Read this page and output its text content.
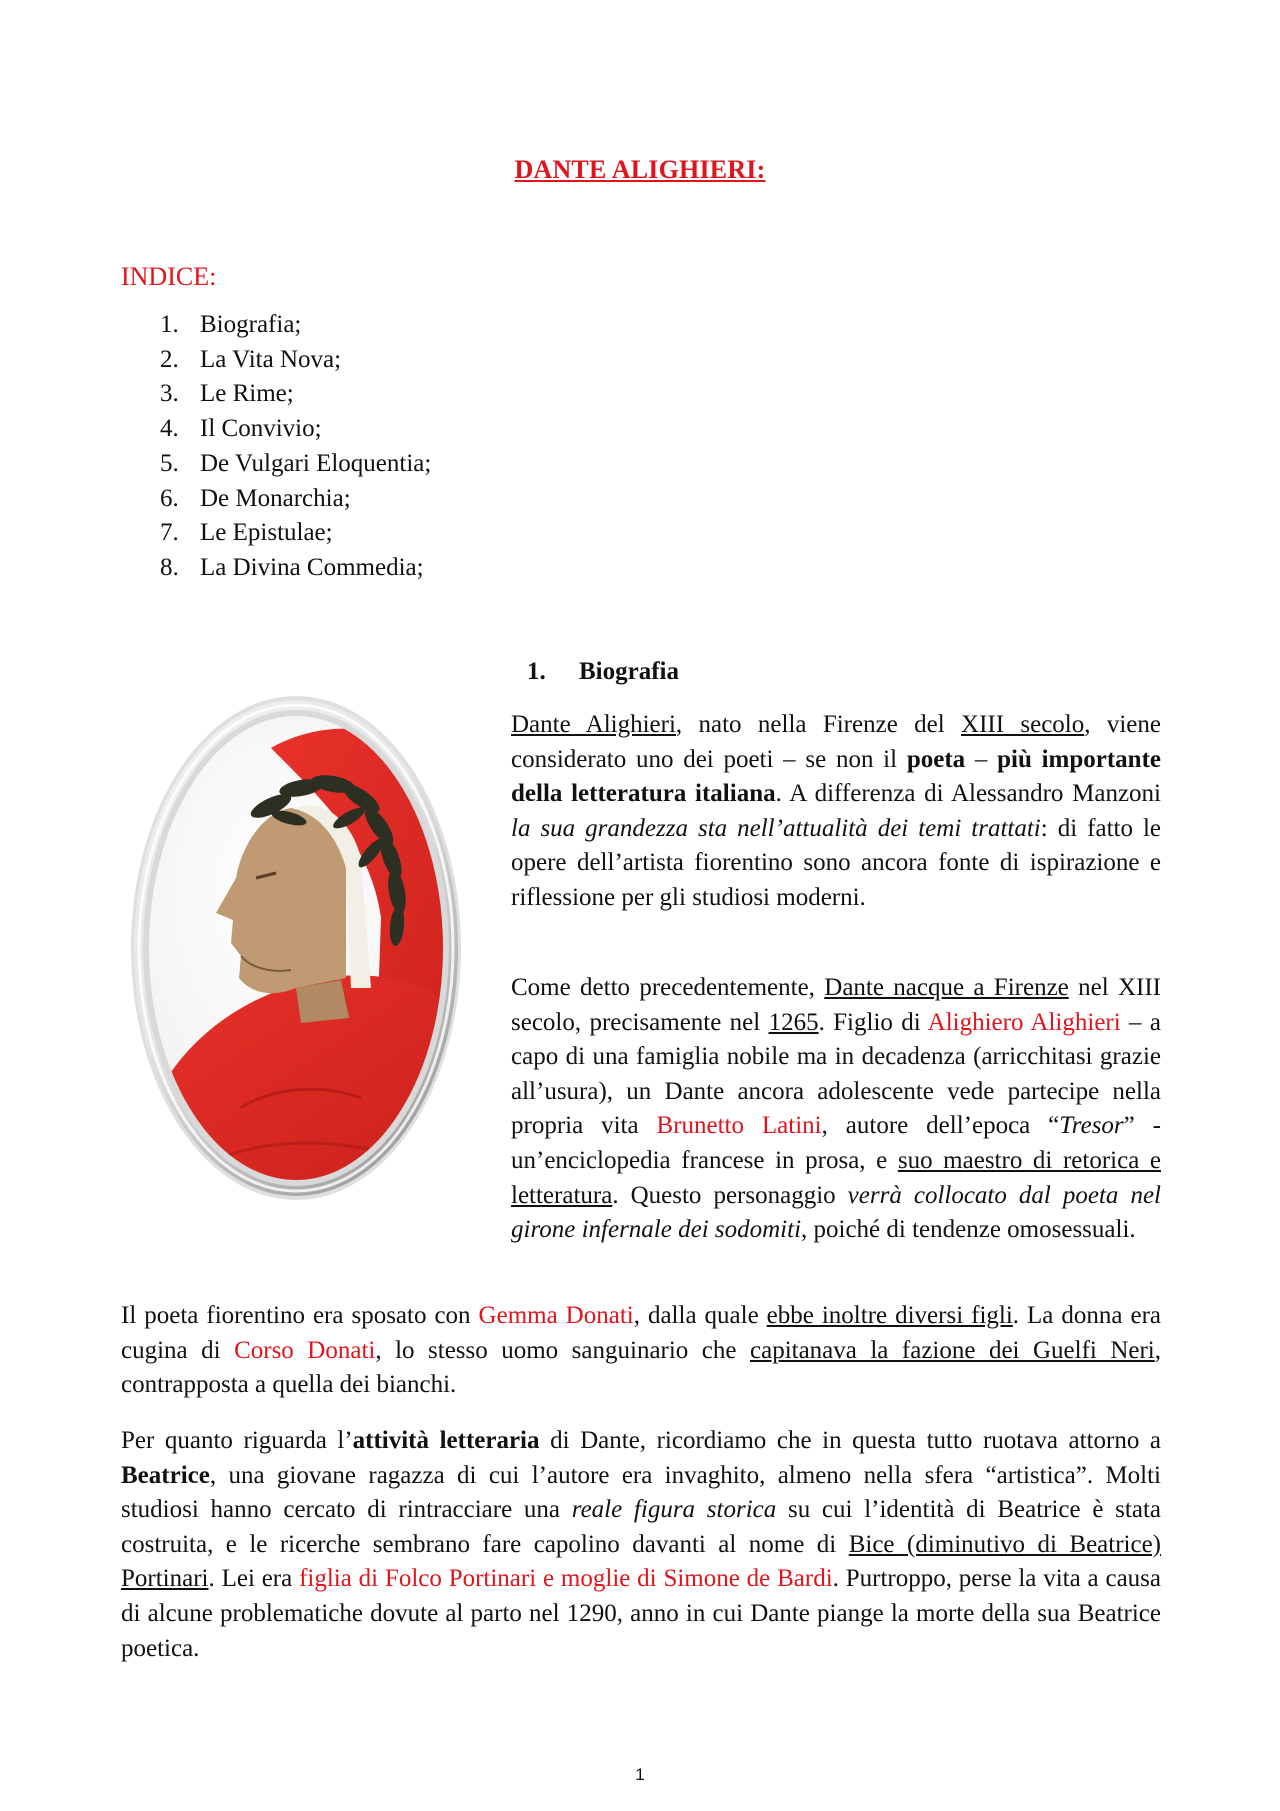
DANTE ALIGHIERI:
INDICE:
1. Biografia;
2. La Vita Nova;
3. Le Rime;
4. Il Convivio;
5. De Vulgari Eloquentia;
6. De Monarchia;
7. Le Epistulae;
8. La Divina Commedia;
1. Biografia

Dante Alighieri, nato nella Firenze del XIII secolo, viene considerato uno dei poeti – se non il poeta – più importante della letteratura italiana. A differenza di Alessandro Manzoni la sua grandezza sta nell’attualità dei temi trattati: di fatto le opere dell’artista fiorentino sono ancora fonte di ispirazione e riflessione per gli studiosi moderni.

Come detto precedentemente, Dante nacque a Firenze nel XIII secolo, precisamente nel 1265. Figlio di Alighiero Alighieri – a capo di una famiglia nobile ma in decadenza (arricchitasi grazie all’usura), un Dante ancora adolescente vede partecipe nella propria vita Brunetto Latini, autore dell’epoca “Tresor” - un’enciclopedia francese in prosa, e suo maestro di retorica e letteratura. Questo personaggio verrà collocato dal poeta nel girone infernale dei sodomiti, poiché di tendenze omosessuali.

Il poeta fiorentino era sposato con Gemma Donati, dalla quale ebbe inoltre diversi figli. La donna era cugina di Corso Donati, lo stesso uomo sanguinario che capitanava la fazione dei Guelfi Neri, contrapposta a quella dei bianchi.

Per quanto riguarda l’attività letteraria di Dante, ricordiamo che in questa tutto ruotava attorno a Beatrice, una giovane ragazza di cui l’autore era invaghito, almeno nella sfera “artistica”. Molti studiosi hanno cercato di rintracciare una reale figura storica su cui l’identità di Beatrice è stata costruita, e le ricerche sembrano fare capolino davanti al nome di Bice (diminutivo di Beatrice) Portinari. Lei era figlia di Folco Portinari e moglie di Simone de Bardi. Purtroppo, perse la vita a causa di alcune problematiche dovute al parto nel 1290, anno in cui Dante piange la morte della sua Beatrice poetica.

1
